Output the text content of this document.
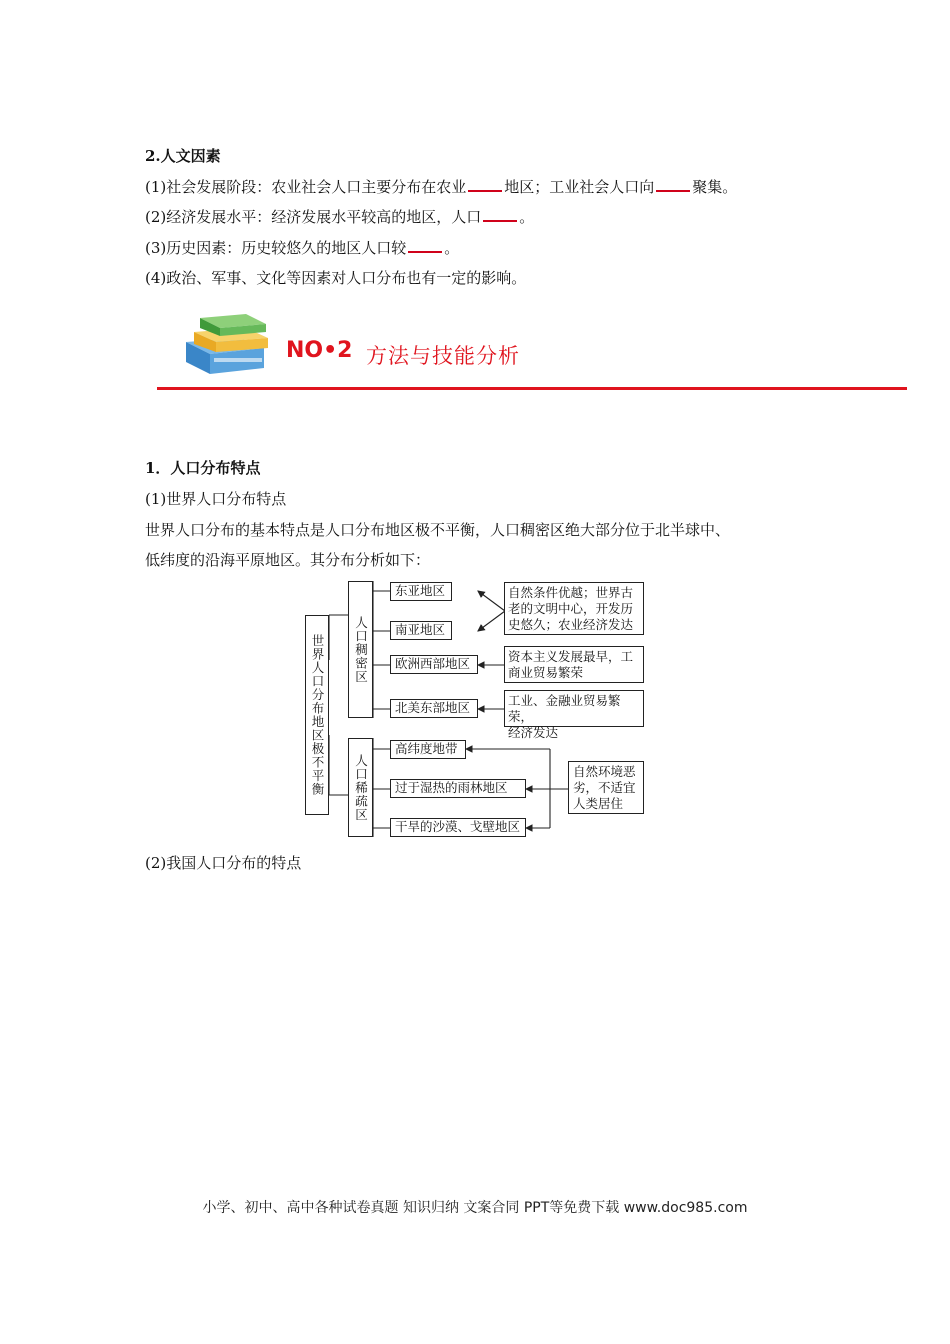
2.人文因素
(1)社会发展阶段：农业社会人口主要分布在农业	地区；工业社会人口向	聚集。
(2)经济发展水平：经济发展水平较高的地区，人口	。
(3)历史因素：历史较悠久的地区人口较	。
(4)政治、军事、文化等因素对人口分布也有一定的影响。
NO•2 方法与技能分析
1．人口分布特点
(1)世界人口分布特点
世界人口分布的基本特点是人口分布地区极不平衡，人口稠密区绝大部分位于北半球中、
低纬度的沿海平原地区。其分布分析如下：
世界人口分布地区极不平衡	人口稠密区
人口稀疏区
东亚地区
南亚地区
欧洲西部地区
北美东部地区
高纬度地带
过于湿热的雨林地区
干旱的沙漠、戈壁地区
自然条件优越；世界古
老的文明中心，开发历
史悠久；农业经济发达
资本主义发展最早，工
商业贸易繁荣
工业、金融业贸易繁荣，
经济发达
自然环境恶
劣，不适宜
人类居住
(2)我国人口分布的特点
小学、初中、高中各种试卷真题 知识归纳 文案合同 PPT等免费下载 www.doc985.com
